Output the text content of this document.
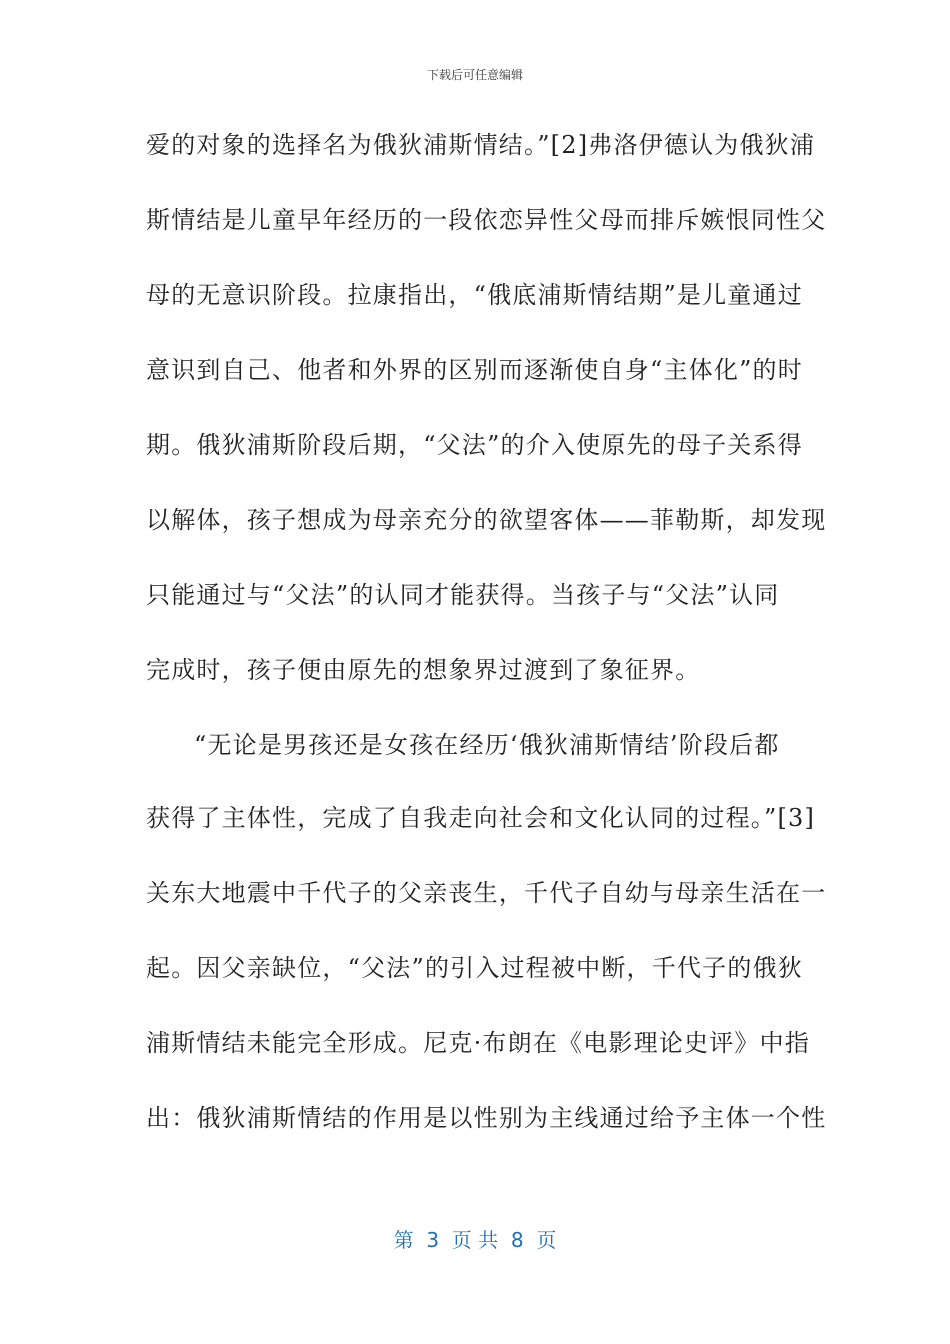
下载后可任意编辑
爱的对象的选择名为俄狄浦斯情结。”[2]弗洛伊德认为俄狄浦
斯情结是儿童早年经历的一段依恋异性父母而排斥嫉恨同性父
母的无意识阶段。拉康指出，“俄底浦斯情结期”是儿童通过
意识到自己、他者和外界的区别而逐渐使自身“主体化”的时
期。俄狄浦斯阶段后期，“父法”的介入使原先的母子关系得
以解体，孩子想成为母亲充分的欲望客体——菲勒斯，却发现
只能通过与“父法”的认同才能获得。当孩子与“父法”认同
完成时，孩子便由原先的想象界过渡到了象征界。
“无论是男孩还是女孩在经历‘俄狄浦斯情结’阶段后都
获得了主体性，完成了自我走向社会和文化认同的过程。”[3]
关东大地震中千代子的父亲丧生，千代子自幼与母亲生活在一
起。因父亲缺位，“父法”的引入过程被中断，千代子的俄狄
浦斯情结未能完全形成。尼克·布朗在《电影理论史评》中指
出：俄狄浦斯情结的作用是以性别为主线通过给予主体一个性
第  3  页 共  8  页
